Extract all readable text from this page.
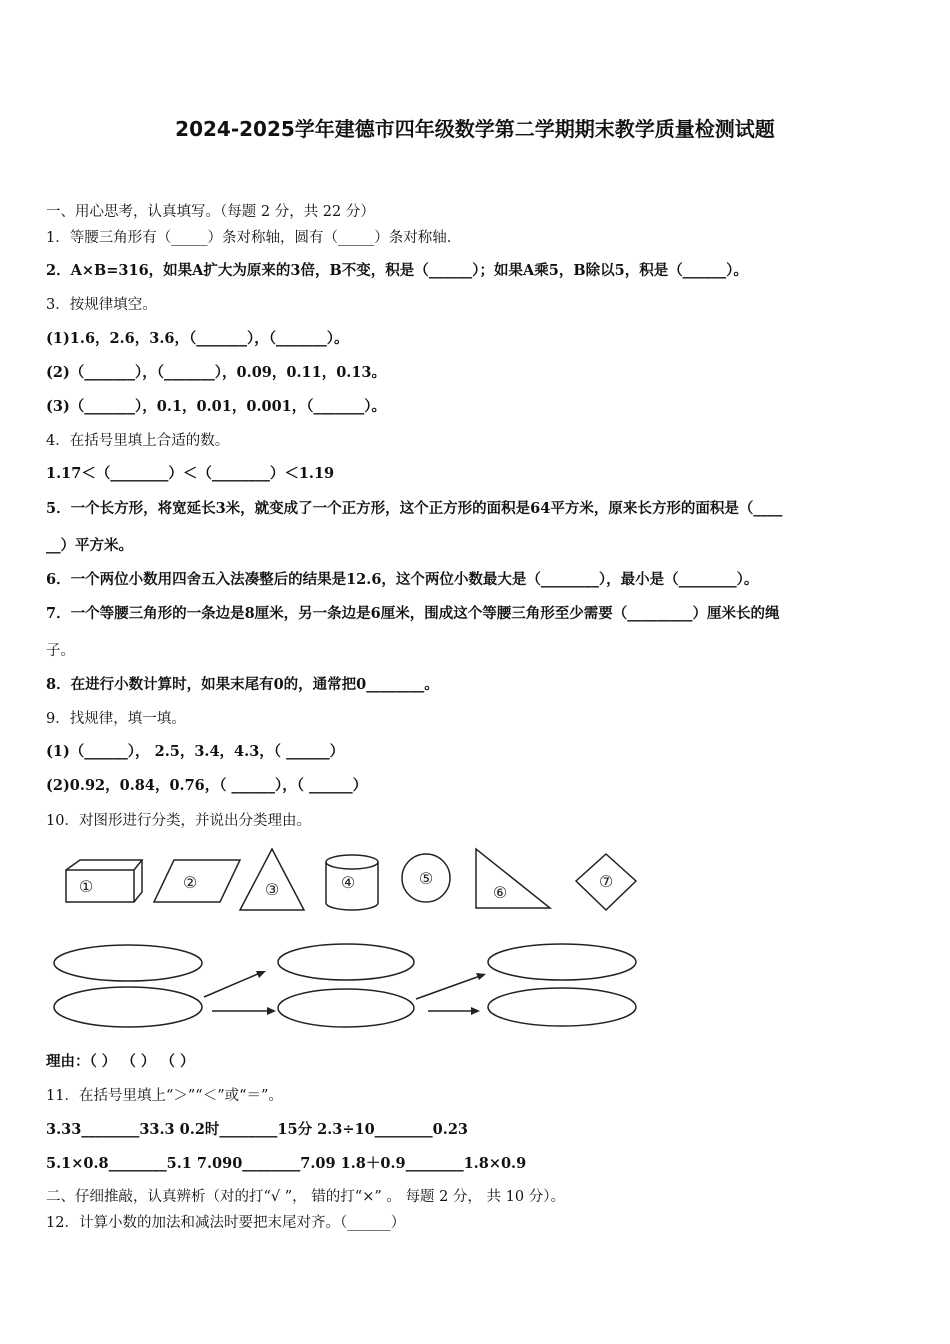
2024-2025学年建德市四年级数学第二学期期末教学质量检测试题
一、用心思考，认真填写。（每题 2 分，共 22 分）
1．等腰三角形有（_____）条对称轴，圆有（_____）条对称轴．
2．A×B=316，如果A扩大为原来的3倍，B不变，积是（______）；如果A乘5，B除以5，积是（______）。
3．按规律填空。
(1)1.6，2.6，3.6，（_______），（_______）。
(2)（_______），（_______），0.09，0.11，0.13。
(3)（_______），0.1，0.01，0.001，（_______）。
4．在括号里填上合适的数。
1.17＜（________）＜（________）＜1.19
5．一个长方形，将宽延长3米，就变成了一个正方形，这个正方形的面积是64平方米，原来长方形的面积是（____
__）平方米。
6．一个两位小数用四舍五入法凑整后的结果是12.6，这个两位小数最大是（________），最小是（________）。
7．一个等腰三角形的一条边是8厘米，另一条边是6厘米，围成这个等腰三角形至少需要（_________）厘米长的绳
子。
8．在进行小数计算时，如果末尾有0的，通常把0________。
9．找规律，填一填。
(1)（______）， 2.5，3.4，4.3，（ ______）
(2)0.92，0.84，0.76，（ ______），（ ______）
10．对图形进行分类，并说出分类理由。
①	②	③	④	⑤
⑥
⑦
理由：（ ） （ ） （ ）
11．在括号里填上“＞”“＜”或“＝”。
3.33________33.3 0.2时________15分 2.3÷10________0.23
5.1×0.8________5.1 7.090________7.09 1.8＋0.9________1.8×0.9
二、仔细推敲，认真辨析（对的打“√ ”， 错的打“×” 。 每题 2 分， 共 10 分）。
12．计算小数的加法和减法时要把末尾对齐。（______）
